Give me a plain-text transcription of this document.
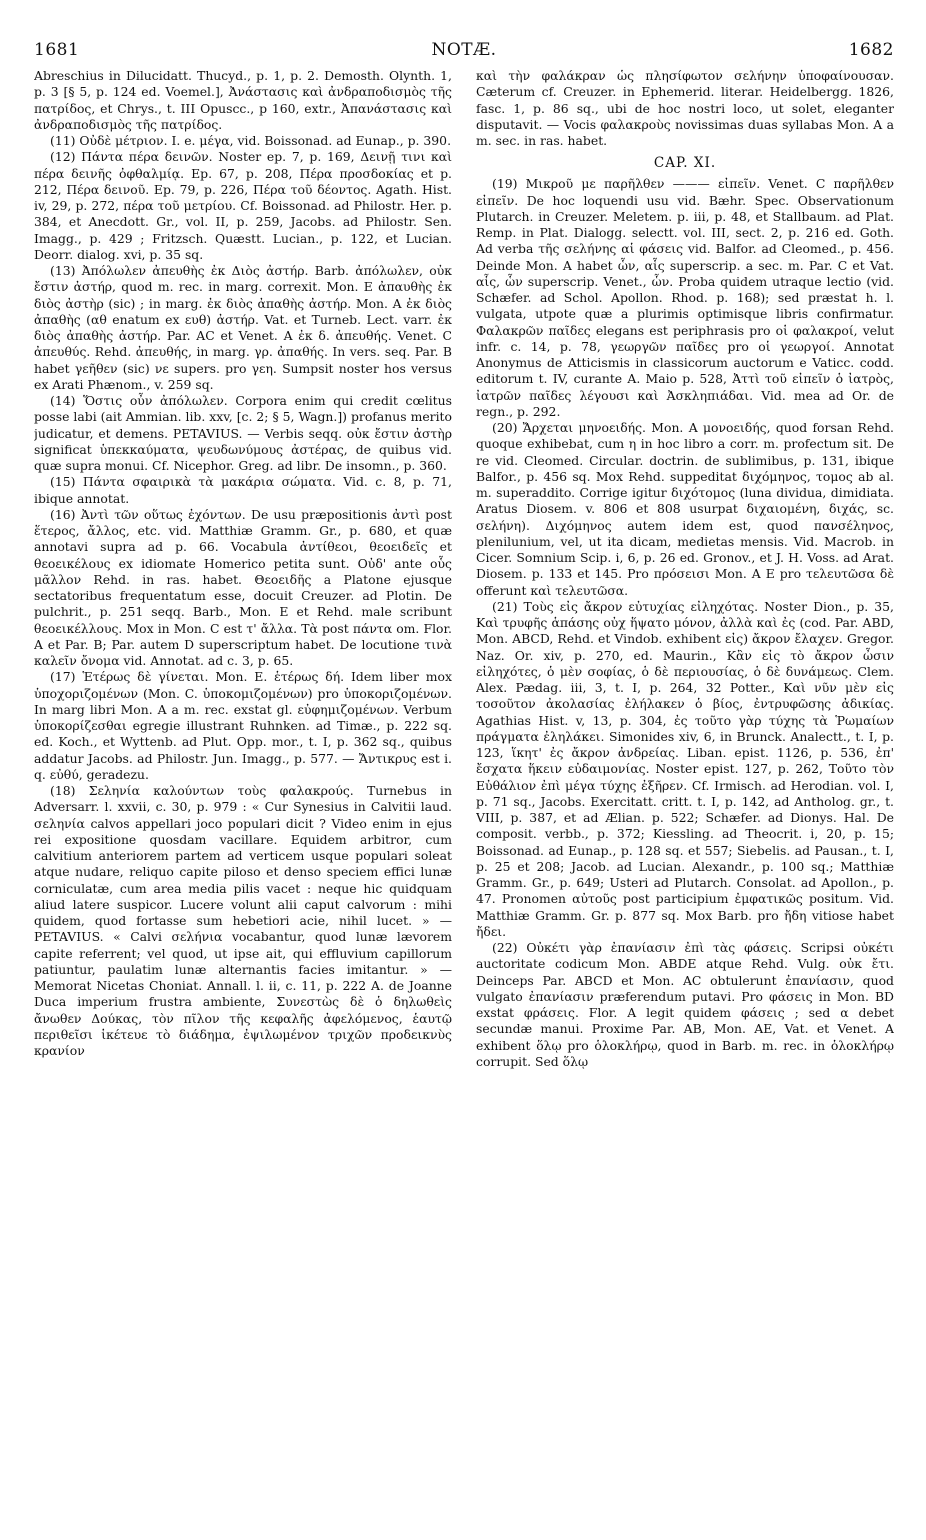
1681	NOTÆ.	1682

Abreschius in Dilucidatt. Thucyd., p. 1, p. 2. Demosth. Olynth. 1, p. 3 [§ 5, p. 124 ed. Voemel.], Ἀνάστασις καὶ ἀνδραποδισμὸς τῆς πατρίδος, et Chrys., t. III Opuscc., p 160, extr., Ἀπανάστασις καὶ ἀνδραποδισμὸς τῆς πατρίδος.

(11) Οὐδὲ μέτριον. I. e. μέγα, vid. Boissonad. ad Eunap., p. 390.

(12) Πάντα πέρα δεινῶν. Noster ep. 7, p. 169, Δεινῇ τινι καὶ πέρα δεινῆς ὀφθαλμίᾳ. Ep. 67, p. 208, Πέρα προσδοκίας et p. 212, Πέρα δεινοῦ. Ep. 79, p. 226, Πέρα τοῦ δέοντος. Agath. Hist. iv, 29, p. 272, πέρα τοῦ μετρίου. Cf. Boissonad. ad Philostr. Her. p. 384, et Anecdott. Gr., vol. II, p. 259, Jacobs. ad Philostr. Sen. Imagg., p. 429 ; Fritzsch. Quæstt. Lucian., p. 122, et Lucian. Deorr. dialog. xvi, p. 35 sq.

(13) Ἀπόλωλεν ἀπευθὴς ἐκ Διὸς ἀστήρ. Barb. ἀπόλωλεν, οὐκ ἔστιν ἀστήρ, quod m. rec. in marg. correxit. Mon. E ἀπαυθὴς ἐκ διὸς ἀστὴρ (sic) ; in marg. ἐκ διὸς ἀπαθὴς ἀστήρ. Mon. A ἐκ διὸς ἀπαθὴς (αθ enatum ex ευθ) ἀστήρ. Vat. et Turneb. Lect. varr. ἐκ διὸς ἀπαθὴς ἀστήρ. Par. AC et Venet. A ἐκ δ. ἀπευθής. Venet. C ἀπευθύς. Rehd. ἀπευθής, in marg. γρ. ἀπαθής. In vers. seq. Par. B habet γεῆθεν (sic) νε supers. pro γεη. Sumpsit noster hos versus ex Arati Phænom., v. 259 sq.

(14) Ὅστις οὖν ἀπόλωλεν. Corpora enim qui credit cœlitus posse labi (ait Ammian. lib. xxv, [c. 2; § 5, Wagn.]) profanus merito judicatur, et demens. PETAVIUS. — Verbis seqq. οὐκ ἔστιν ἀστὴρ significat ὑπεκκαύματα, ψευδωνύμους ἀστέρας, de quibus vid. quæ supra monui. Cf. Nicephor. Greg. ad libr. De insomn., p. 360.

(15) Πάντα σφαιρικὰ τὰ μακάρια σώματα. Vid. c. 8, p. 71, ibique annotat.

(16) Ἀντὶ τῶν οὕτως ἐχόντων. De usu præpositionis ἀντὶ post ἕτερος, ἄλλος, etc. vid. Matthiæ Gramm. Gr., p. 680, et quæ annotavi supra ad p. 66. Vocabula ἀντίθεοι, θεοειδεῖς et θεοεικέλους ex idiomate Homerico petita sunt. Οὐδ' ante οὗς μᾶλλον Rehd. in ras. habet. Θεοειδῆς a Platone ejusque sectatoribus frequentatum esse, docuit Creuzer. ad Plotin. De pulchrit., p. 251 seqq. Barb., Mon. E et Rehd. male scribunt θεοεικέλλους. Mox in Mon. C est τ' ἄλλα. Τὰ post πάντα om. Flor. A et Par. B; Par. autem D superscriptum habet. De locutione τινὰ καλεῖν ὄνομα vid. Annotat. ad c. 3, p. 65.

(17) Ἑτέρως δὲ γίνεται. Mon. E. ἑτέρως δή. Idem liber mox ὑποχοριζομένων (Mon. C. ὑποκομιζομένων) pro ὑποκοριζομένων. In marg libri Mon. A a m. rec. exstat gl. εὐφημιζομένων. Verbum ὑποκορίζεσθαι egregie illustrant Ruhnken. ad Timæ., p. 222 sq. ed. Koch., et Wyttenb. ad Plut. Opp. mor., t. I, p. 362 sq., quibus addatur Jacobs. ad Philostr. Jun. Imagg., p. 577. — Ἄντικρυς est i. q. εὐθύ, geradezu.

(18) Σεληνία καλούντων τοὺς φαλακρούς. Turnebus in Adversarr. l. xxvii, c. 30, p. 979 : « Cur Synesius in Calvitii laud. σεληνία calvos appellari joco populari dicit ? Video enim in ejus rei expositione quosdam vacillare. Equidem arbitror, cum calvitium anteriorem partem ad verticem usque populari soleat atque nudare, reliquo capite piloso et denso speciem effici lunæ corniculatæ, cum area media pilis vacet : neque hic quidquam aliud latere suspicor. Lucere volunt alii caput calvorum : mihi quidem, quod fortasse sum hebetiori acie, nihil lucet. » — PETAVIUS. « Calvi σελήνια vocabantur, quod lunæ lævorem capite referrent; vel quod, ut ipse ait, qui effluvium capillorum patiuntur, paulatim lunæ alternantis facies imitantur. » — Memorat Nicetas Choniat. Annall. l. ii, c. 11, p. 222 A. de Joanne Duca imperium frustra ambiente, Συνεστὼς δὲ ὁ δηλωθεὶς ἄνωθεν Δούκας, τὸν πῖλον τῆς κεφαλῆς ἀφελόμενος, ἑαυτῷ περιθεῖσι ἱκέτευε τὸ διάδημα, ἐψιλωμένον τριχῶν προδεικνὺς κρανίον

καὶ τὴν φαλάκραν ὡς πλησίφωτον σελήνην ὑποφαίνουσαν. Cæterum cf. Creuzer. in Ephemerid. literar. Heidelbergg. 1826, fasc. 1, p. 86 sq., ubi de hoc nostri loco, ut solet, eleganter disputavit. — Vocis φαλακροὺς novissimas duas syllabas Mon. A a m. sec. in ras. habet.

CAP. XI.

(19) Μικροῦ με παρῆλθεν ——— εἰπεῖν. Venet. C παρῆλθεν εἰπεῖν. De hoc loquendi usu vid. Bæhr. Spec. Observationum Plutarch. in Creuzer. Meletem. p. iii, p. 48, et Stallbaum. ad Plat. Remp. in Plat. Dialogg. selectt. vol. III, sect. 2, p. 216 ed. Goth. Ad verba τῆς σελήνης αἱ φάσεις vid. Balfor. ad Cleomed., p. 456. Deinde Mon. A habet ὧν, αἷς superscrip. a sec. m. Par. C et Vat. αἷς, ὧν superscrip. Venet., ὧν. Proba quidem utraque lectio (vid. Schæfer. ad Schol. Apollon. Rhod. p. 168); sed præstat h. l. vulgata, utpote quæ a plurimis optimisque libris confirmatur. Φαλακρῶν παῖδες elegans est periphrasis pro οἱ φαλακροί, velut infr. c. 14, p. 78, γεωργῶν παῖδες pro οἱ γεωργοί. Annotat Anonymus de Atticismis in classicorum auctorum e Vaticc. codd. editorum t. IV, curante A. Maio p. 528, Ἀττὶ τοῦ εἰπεῖν ὁ ἰατρὸς, ἰατρῶν παῖδες λέγουσι καὶ Ἀσκληπιάδαι. Vid. mea ad Or. de regn., p. 292.

(20) Ἄρχεται μηνοειδής. Mon. A μονοειδής, quod forsan Rehd. quoque exhibebat, cum η in hoc libro a corr. m. profectum sit. De re vid. Cleomed. Circular. doctrin. de sublimibus, p. 131, ibique Balfor., p. 456 sq. Mox Rehd. suppeditat διχόμηνος, τομος ab al. m. superaddito. Corrige igitur διχότομος (luna dividua, dimidiata. Aratus Diosem. v. 806 et 808 usurpat διχαιομένη, διχάς, sc. σελήνη). Διχόμηνος autem idem est, quod πανσέληνος, plenilunium, vel, ut ita dicam, medietas mensis. Vid. Macrob. in Cicer. Somnium Scip. i, 6, p. 26 ed. Gronov., et J. H. Voss. ad Arat. Diosem. p. 133 et 145. Pro πρόσεισι Mon. A E pro τελευτῶσα δὲ offerunt καὶ τελευτῶσα.

(21) Τοὺς εἰς ἄκρον εὐτυχίας εἰληχότας. Noster Dion., p. 35, Καὶ τρυφῆς ἁπάσης οὐχ ἥψατο μόνον, ἀλλὰ καὶ ἐς (cod. Par. ABD, Mon. ABCD, Rehd. et Vindob. exhibent εἰς) ἄκρον ἔλαχεν. Gregor. Naz. Or. xiv, p. 270, ed. Maurin., Κἂν εἰς τὸ ἄκρον ὦσιν εἰληχότες, ὁ μὲν σοφίας, ὁ δὲ περιουσίας, ὁ δὲ δυνάμεως. Clem. Alex. Pædag. iii, 3, t. I, p. 264, 32 Potter., Καὶ νῦν μὲν εἰς τοσοῦτον ἀκολασίας ἐλήλακεν ὁ βίος, ἐντρυφῶσης ἀδικίας. Agathias Hist. v, 13, p. 304, ἐς τοῦτο γὰρ τύχης τὰ Ῥωμαίων πράγματα ἐληλάκει. Simonides xiv, 6, in Brunck. Analectt., t. I, p. 123, ἵκητ' ἐς ἄκρον ἀνδρείας. Liban. epist. 1126, p. 536, ἐπ' ἔσχατα ἥκειν εὐδαιμονίας. Noster epist. 127, p. 262, Τοῦτο τὸν Εὐθάλιον ἐπὶ μέγα τύχης ἐξῆρεν. Cf. Irmisch. ad Herodian. vol. I, p. 71 sq., Jacobs. Exercitatt. critt. t. I, p. 142, ad Antholog. gr., t. VIII, p. 387, et ad Ælian. p. 522; Schæfer. ad Dionys. Hal. De composit. verbb., p. 372; Kiessling. ad Theocrit. i, 20, p. 15; Boissonad. ad Eunap., p. 128 sq. et 557; Siebelis. ad Pausan., t. I, p. 25 et 208; Jacob. ad Lucian. Alexandr., p. 100 sq.; Matthiæ Gramm. Gr., p. 649; Usteri ad Plutarch. Consolat. ad Apollon., p. 47. Pronomen αὐτοῦς post participium ἐμφατικῶς positum. Vid. Matthiæ Gramm. Gr. p. 877 sq. Mox Barb. pro ἤδη vitiose habet ἤδει.

(22) Οὐκέτι γὰρ ἐπανίασιν ἐπὶ τὰς φάσεις. Scripsi οὐκέτι auctoritate codicum Mon. ABDE atque Rehd. Vulg. οὐκ ἔτι. Deinceps Par. ABCD et Mon. AC obtulerunt ἐπανίασιν, quod vulgato ἐπανίασιν præferendum putavi. Pro φάσεις in Mon. BD exstat φράσεις. Flor. A legit quidem φάσεις ; sed α debet secundæ manui. Proxime Par. AB, Mon. AE, Vat. et Venet. A exhibent ὅλῳ pro ὁλοκλήρῳ, quod in Barb. m. rec. in ὁλοκλήρῳ corrupit. Sed ὅλῳ
